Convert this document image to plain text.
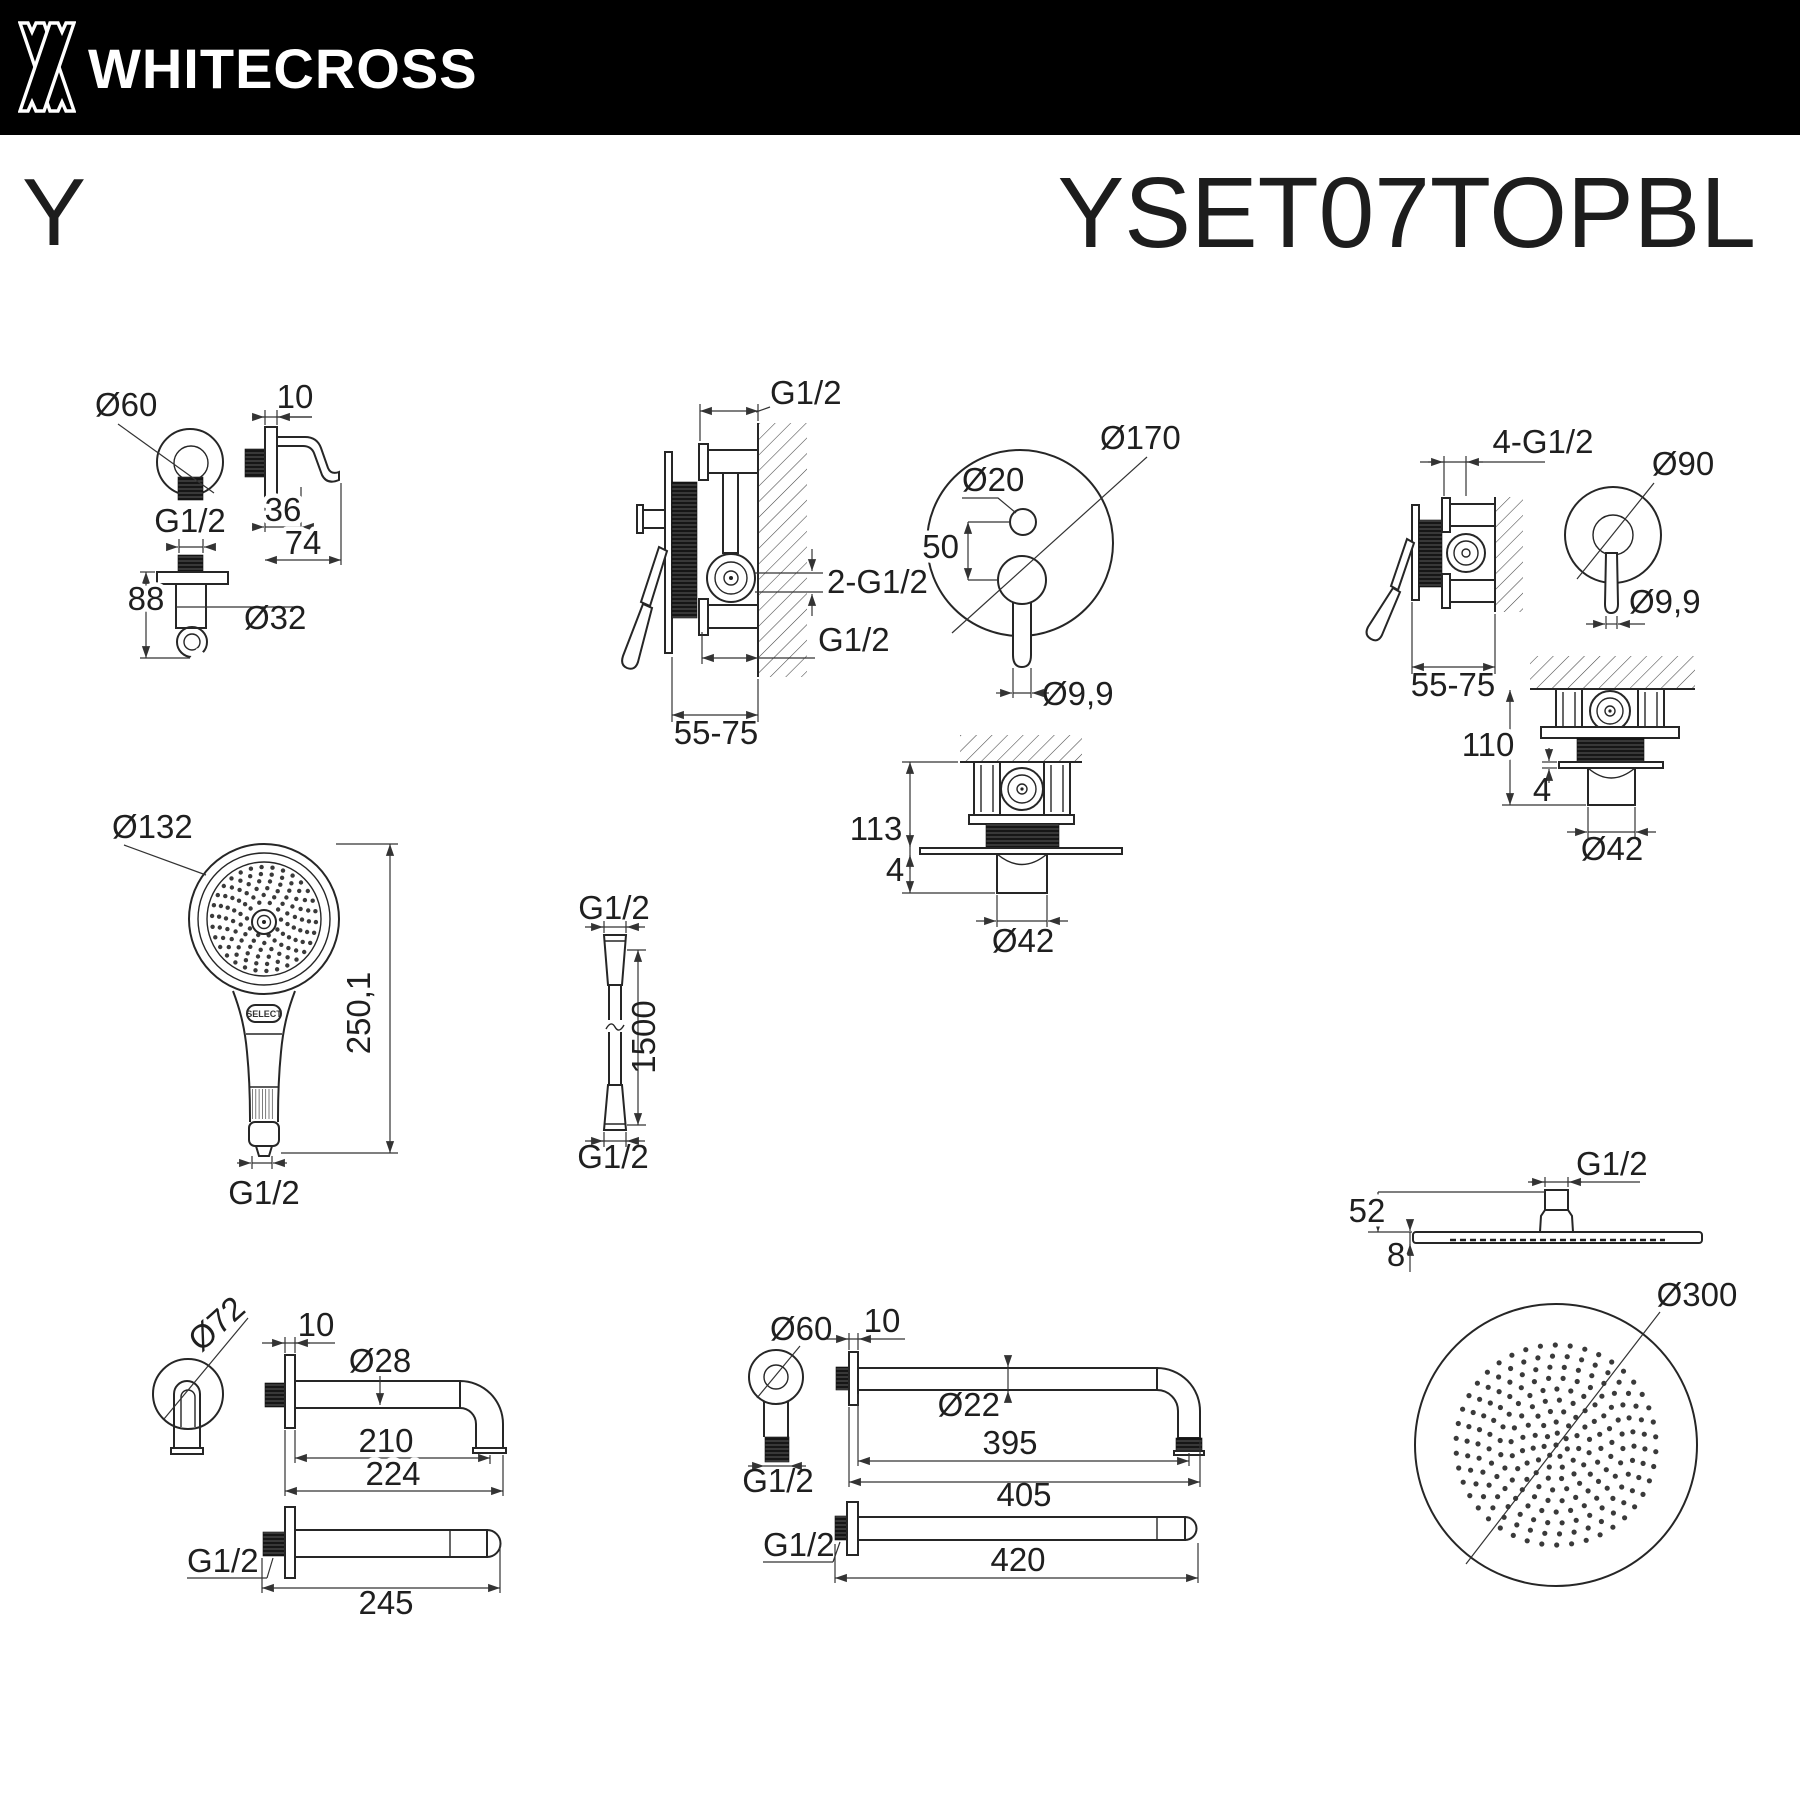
WHITECROSS
Y	YSET07TOPBL
Ø60	10
G1/2 36
74
88
Ø32
G1/2
2-G1/2
G1/2
55-75
Ø170
Ø20
50
Ø9,9
4-G1/2
Ø90
Ø9,9
55-75
110
4
Ø42
113
4
Ø42
SELECT
Ø132
250,1
G1/2
G1/2
1500
G1/2	G1/2
52
8
Ø300
Ø72 10
Ø28
210
224
G1/2
245
Ø60 10
Ø22
395
405
G1/2
G1/2	420
